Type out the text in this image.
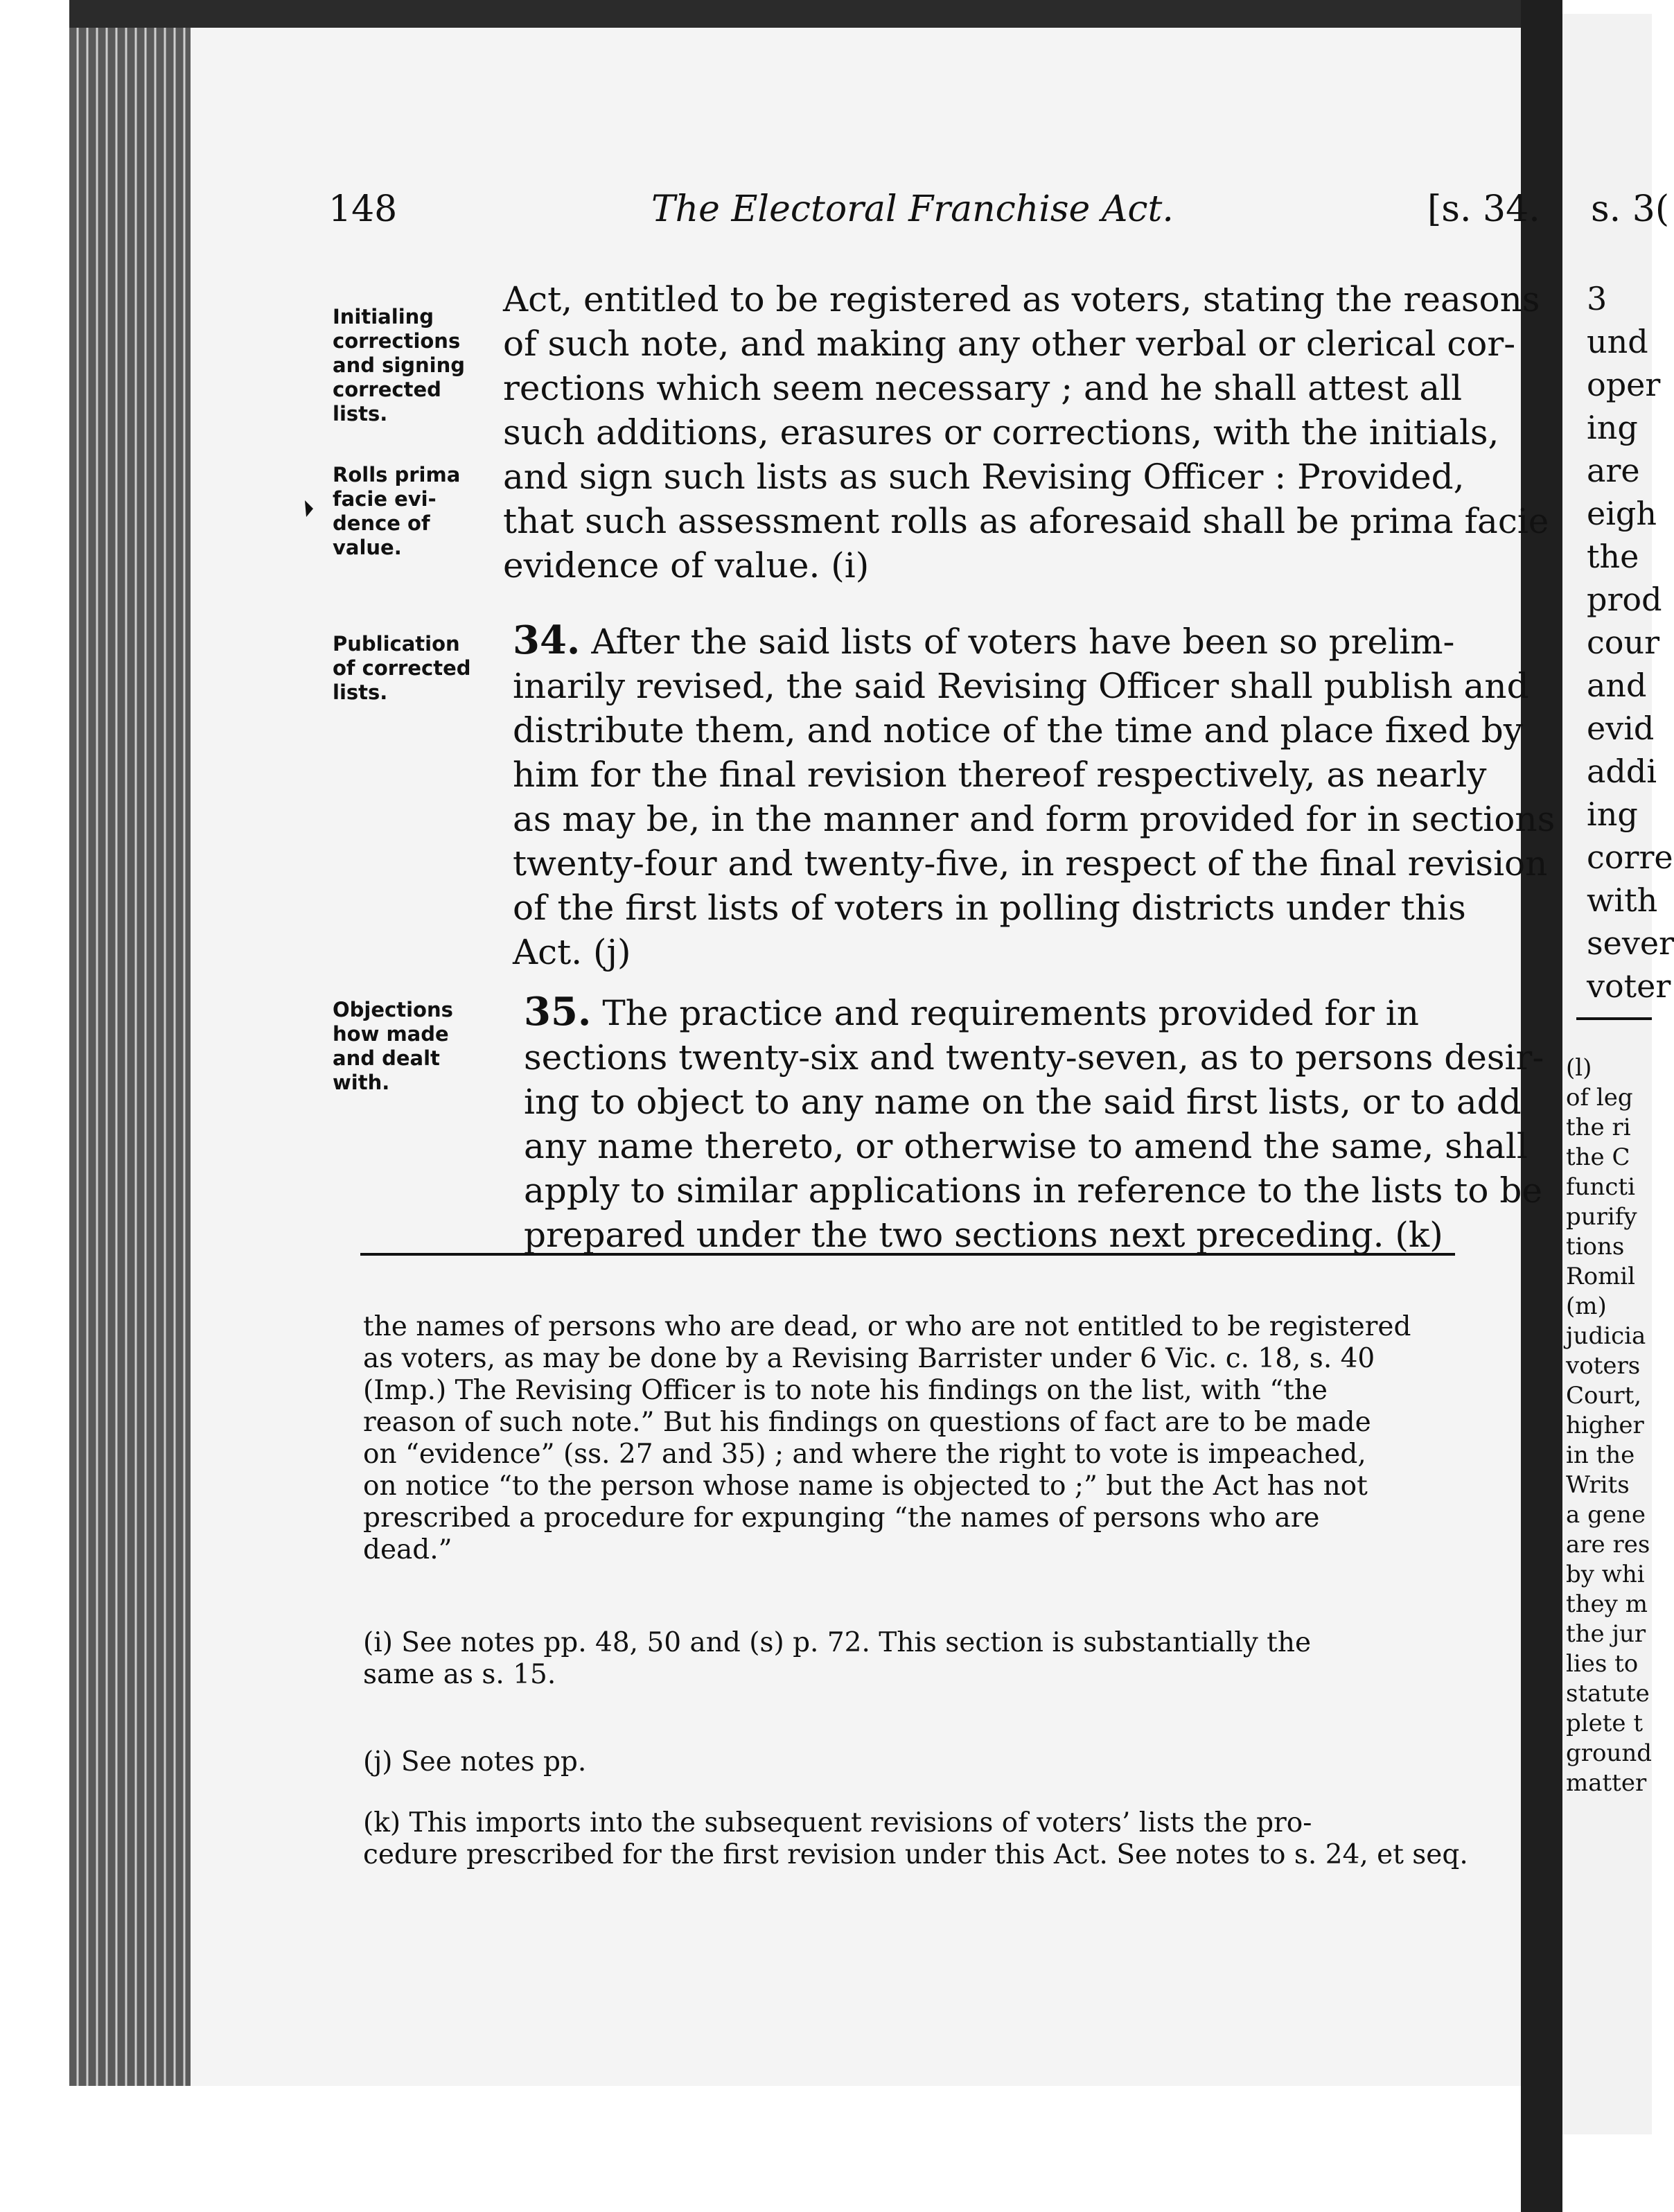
148	The Electoral Franchise Act.	[s. 34. s. 3(
Initialing
corrections
and signing
corrected
lists.
Rolls prima
facie evi-
dence of
value.
Publication
of corrected
lists.
Objections
how made
and dealt
with.
Act, entitled to be registered as voters, stating the reasons
of such note, and making any other verbal or clerical cor-
rections which seem necessary ; and he shall attest all
such additions, erasures or corrections, with the initials,
and sign such lists as such Revising Officer : Provided,
that such assessment rolls as aforesaid shall be prima facie
evidence of value. (i)
34. After the said lists of voters have been so prelim-
inarily revised, the said Revising Officer shall publish and
distribute them, and notice of the time and place fixed by
him for the final revision thereof respectively, as nearly
as may be, in the manner and form provided for in sections
twenty-four and twenty-five, in respect of the final revision
of the first lists of voters in polling districts under this
Act. (j)
35. The practice and requirements provided for in
sections twenty-six and twenty-seven, as to persons desir-
ing to object to any name on the said first lists, or to add
any name thereto, or otherwise to amend the same, shall
apply to similar applications in reference to the lists to be
prepared under the two sections next preceding. (k)
the names of persons who are dead, or who are not entitled to be registered
as voters, as may be done by a Revising Barrister under 6 Vic. c. 18, s. 40
(Imp.) The Revising Officer is to note his findings on the list, with “the
reason of such note.” But his findings on questions of fact are to be made
on “evidence” (ss. 27 and 35) ; and where the right to vote is impeached,
on notice “to the person whose name is objected to ;” but the Act has not
prescribed a procedure for expunging “the names of persons who are
dead.”
(i) See notes pp. 48, 50 and (s) p. 72. This section is substantially the
same as s. 15.
(j) See notes pp.
(k) This imports into the subsequent revisions of voters’ lists the pro-
cedure prescribed for the first revision under this Act. See notes to s. 24, et seq.
3
und
oper
ing
are
eigh
the
prod
cour
and
evid
addi
ing
corre
with
sever
voter
(l)
of leg
the ri
the C
functi
purify
tions
Romil
(m)
judicia
voters
Court,
higher
in the
Writs
a gene
are res
by whi
they m
the jur
lies to
statute
plete t
ground
matter
